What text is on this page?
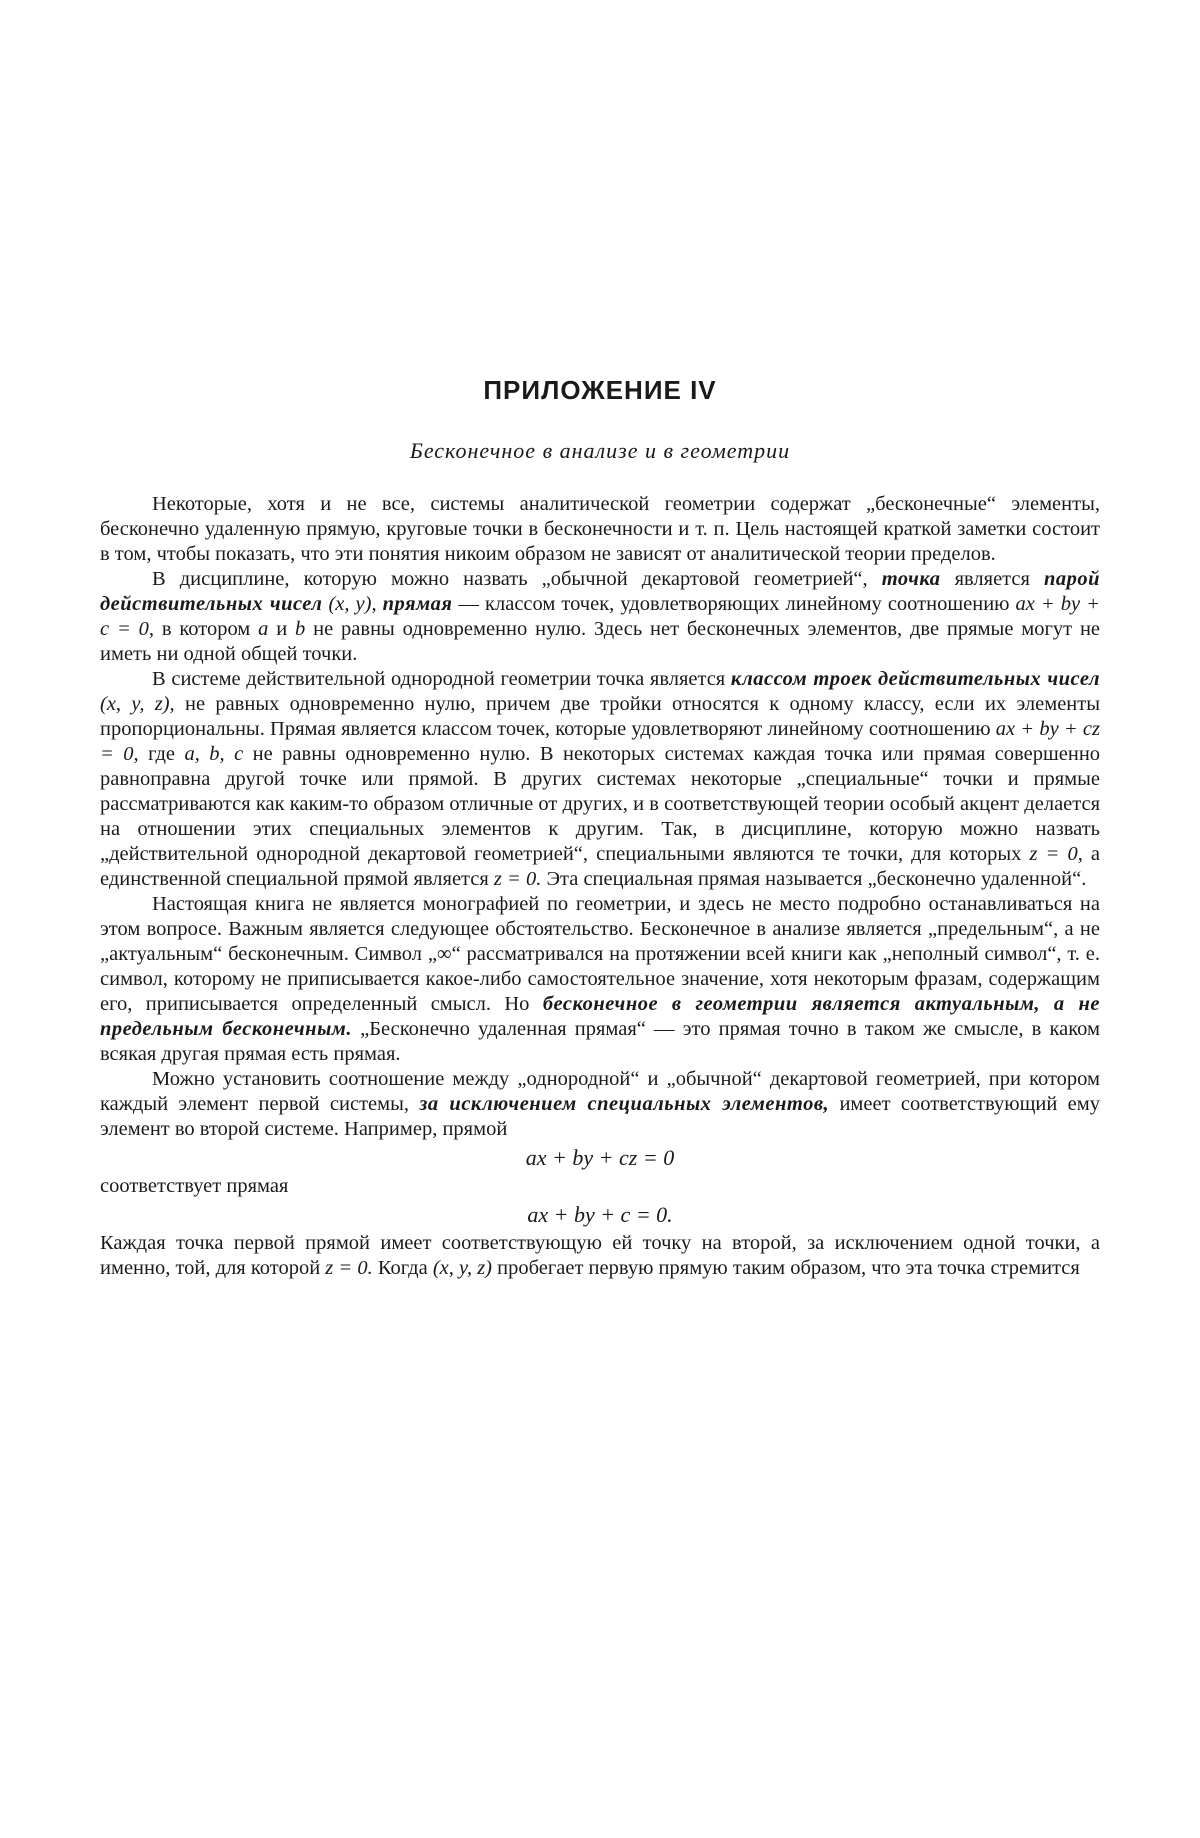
ПРИЛОЖЕНИЕ IV
Бесконечное в анализе и в геометрии

Некоторые, хотя и не все, системы аналитической геометрии содержат „бесконечные“ элементы, бесконечно удаленную прямую, круговые точки в бесконечности и т. п. Цель настоящей краткой заметки состоит в том, чтобы показать, что эти понятия никоим образом не зависят от аналитической теории пределов.

В дисциплине, которую можно назвать „обычной декартовой геометрией“, точка является парой действительных чисел (x, y), прямая — классом точек, удовлетворяющих линейному соотношению ax + by + c = 0, в котором a и b не равны одновременно нулю. Здесь нет бесконечных элементов, две прямые могут не иметь ни одной общей точки.

В системе действительной однородной геометрии точка является классом троек действительных чисел (x, y, z), не равных одновременно нулю, причем две тройки относятся к одному классу, если их элементы пропорциональны. Прямая является классом точек, которые удовлетворяют линейному соотношению ax + by + cz = 0, где a, b, c не равны одновременно нулю. В некоторых системах каждая точка или прямая совершенно равноправна другой точке или прямой. В других системах некоторые „специальные“ точки и прямые рассматриваются как каким-то образом отличные от других, и в соответствующей теории особый акцент делается на отношении этих специальных элементов к другим. Так, в дисциплине, которую можно назвать „действительной однородной декартовой геометрией“, специальными являются те точки, для которых z = 0, а единственной специальной прямой является z = 0. Эта специальная прямая называется „бесконечно удаленной“.

Настоящая книга не является монографией по геометрии, и здесь не место подробно останавливаться на этом вопросе. Важным является следующее обстоятельство. Бесконечное в анализе является „предельным“, а не „актуальным“ бесконечным. Символ „∞“ рассматривался на протяжении всей книги как „неполный символ“, т. е. символ, которому не приписывается какое-либо самостоятельное значение, хотя некоторым фразам, содержащим его, приписывается определенный смысл. Но бесконечное в геометрии является актуальным, а не предельным бесконечным. „Бесконечно удаленная прямая“ — это прямая точно в таком же смысле, в каком всякая другая прямая есть прямая.

Можно установить соотношение между „однородной“ и „обычной“ декартовой геометрией, при котором каждый элемент первой системы, за исключением специальных элементов, имеет соответствующий ему элемент во второй системе. Например, прямой

ax + by + cz = 0

соответствует прямая

ax + by + c = 0.

Каждая точка первой прямой имеет соответствующую ей точку на второй, за исключением одной точки, а именно, той, для которой z = 0. Когда (x, y, z) пробегает первую прямую таким образом, что эта точка стремится
